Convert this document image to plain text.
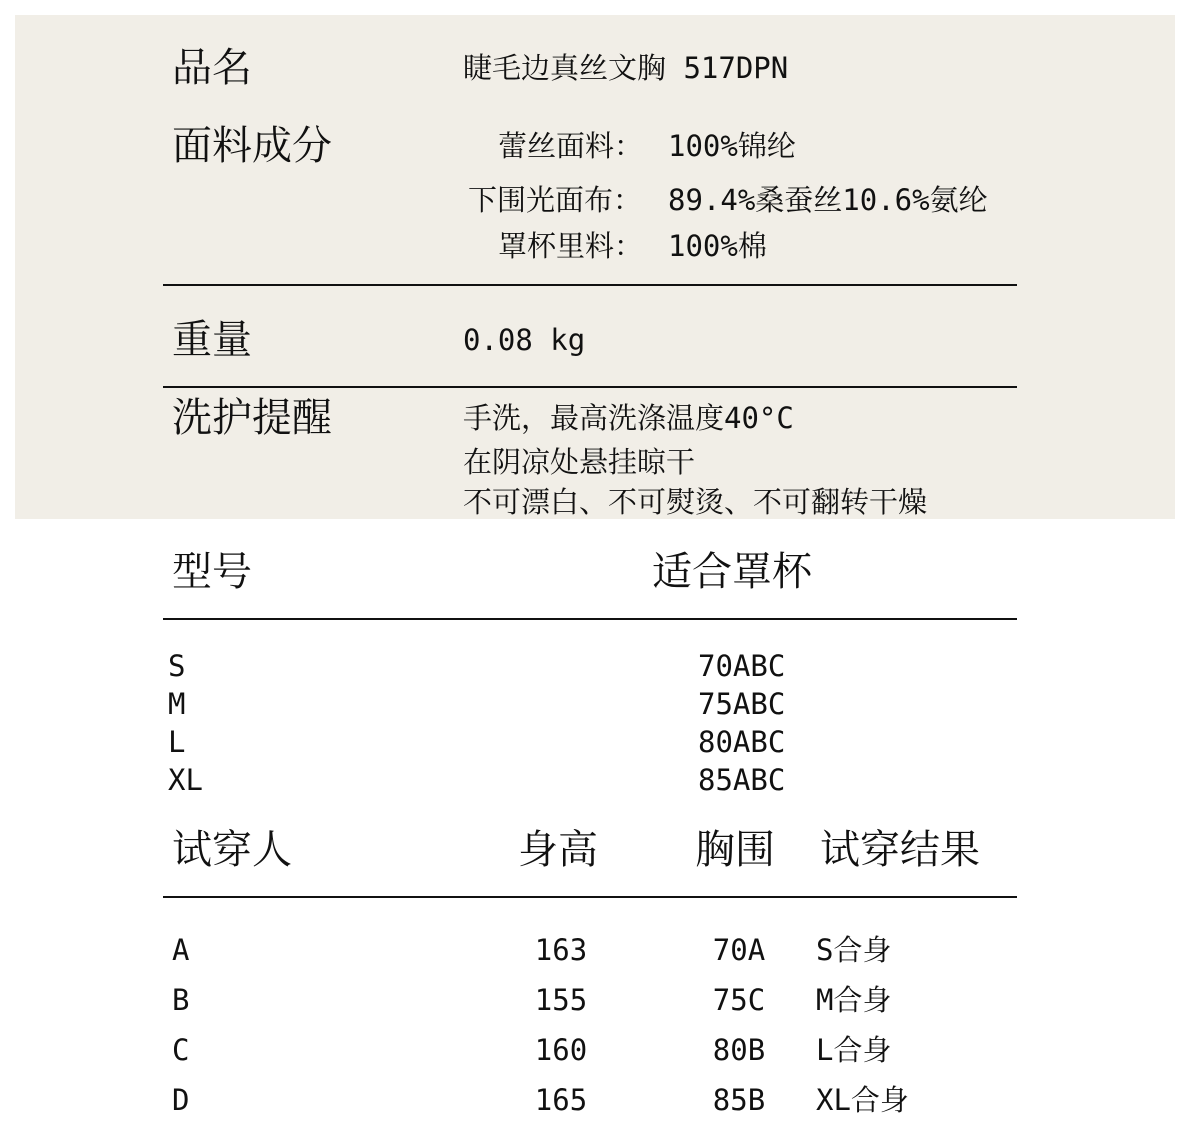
品名	睫毛边真丝文胸 517DPN
面料成分	蕾丝面料： 100%锦纶
下围光面布： 89.4%桑蚕丝10.6%氨纶
罩杯里料： 100%棉
重量	0.08 kg
洗护提醒	手洗，最高洗涤温度40°C
在阴凉处悬挂晾干
不可漂白、不可熨烫、不可翻转干燥
型号	适合罩杯
S	70ABC
M	75ABC
L	80ABC
XL	85ABC
试穿人	身高 胸围 试穿结果
A	163	70A S合身
B	155	75C M合身
C	160	80B L合身
D	165	85B XL合身
